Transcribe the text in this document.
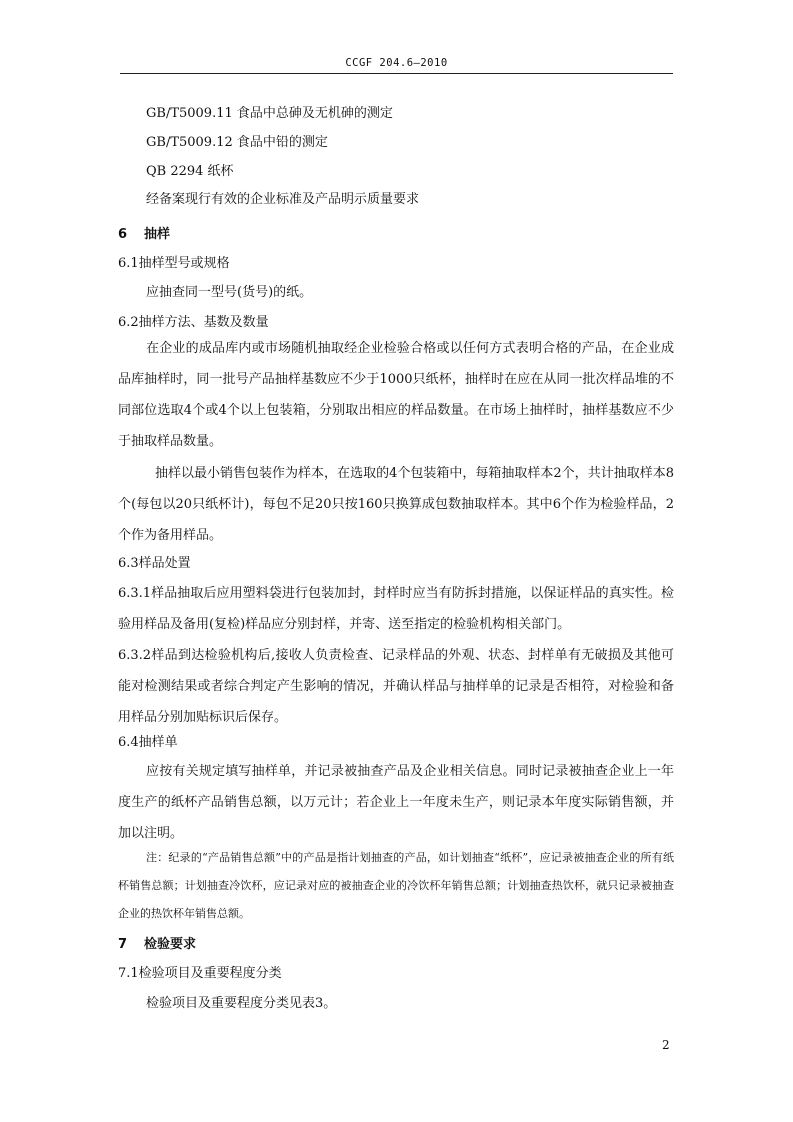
CCGF 204.6—2010
GB/T5009.11 食品中总砷及无机砷的测定
GB/T5009.12 食品中铅的测定
QB 2294 纸杯
经备案现行有效的企业标准及产品明示质量要求
6 抽样
6.1抽样型号或规格
应抽查同一型号(货号)的纸。
6.2抽样方法、基数及数量
在企业的成品库内或市场随机抽取经企业检验合格或以任何方式表明合格的产品，在企业成品库抽样时，同一批号产品抽样基数应不少于1000只纸杯，抽样时在应在从同一批次样品堆的不同部位选取4个或4个以上包装箱，分别取出相应的样品数量。在市场上抽样时，抽样基数应不少于抽取样品数量。
抽样以最小销售包装作为样本，在选取的4个包装箱中，每箱抽取样本2个，共计抽取样本8个(每包以20只纸杯计)，每包不足20只按160只换算成包数抽取样本。其中6个作为检验样品，2个作为备用样品。
6.3样品处置
6.3.1样品抽取后应用塑料袋进行包装加封，封样时应当有防拆封措施，以保证样品的真实性。检验用样品及备用(复检)样品应分别封样，并寄、送至指定的检验机构相关部门。
6.3.2样品到达检验机构后,接收人负责检查、记录样品的外观、状态、封样单有无破损及其他可能对检测结果或者综合判定产生影响的情况，并确认样品与抽样单的记录是否相符，对检验和备用样品分别加贴标识后保存。
6.4抽样单
应按有关规定填写抽样单，并记录被抽查产品及企业相关信息。同时记录被抽查企业上一年度生产的纸杯产品销售总额，以万元计；若企业上一年度未生产，则记录本年度实际销售额，并加以注明。
注：纪录的“产品销售总额”中的产品是指计划抽查的产品，如计划抽查“纸杯”，应记录被抽查企业的所有纸杯销售总额；计划抽查冷饮杯，应记录对应的被抽查企业的冷饮杯年销售总额；计划抽查热饮杯，就只记录被抽查企业的热饮杯年销售总额。
7 检验要求
7.1检验项目及重要程度分类
检验项目及重要程度分类见表3。
2
